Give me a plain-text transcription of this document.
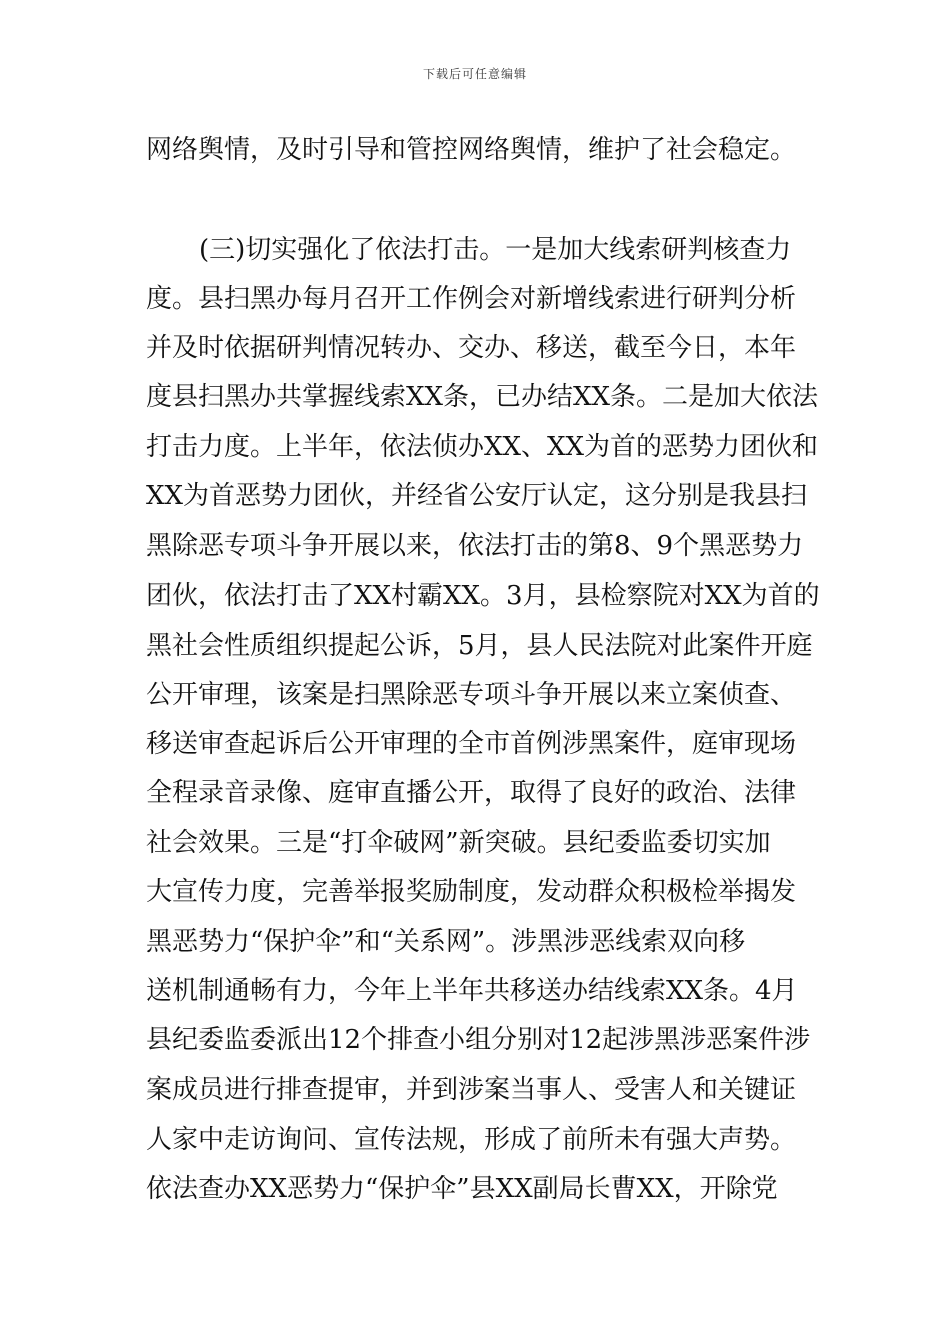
下载后可任意编辑
网络舆情，及时引导和管控网络舆情，维护了社会稳定。
(三)切实强化了依法打击。一是加大线索研判核查力
度。县扫黑办每月召开工作例会对新增线索进行研判分析
并及时依据研判情况转办、交办、移送，截至今日，本年
度县扫黑办共掌握线索XX条，已办结XX条。二是加大依法
打击力度。上半年，依法侦办XX、XX为首的恶势力团伙和
XX为首恶势力团伙，并经省公安厅认定，这分别是我县扫
黑除恶专项斗争开展以来，依法打击的第8、9个黑恶势力
团伙，依法打击了XX村霸XX。3月，县检察院对XX为首的
黑社会性质组织提起公诉，5月，县人民法院对此案件开庭
公开审理，该案是扫黑除恶专项斗争开展以来立案侦查、
移送审查起诉后公开审理的全市首例涉黑案件，庭审现场
全程录音录像、庭审直播公开，取得了良好的政治、法律
社会效果。三是“打伞破网”新突破。县纪委监委切实加
大宣传力度，完善举报奖励制度，发动群众积极检举揭发
黑恶势力“保护伞”和“关系网”。涉黑涉恶线索双向移
送机制通畅有力，今年上半年共移送办结线索XX条。4月
县纪委监委派出12个排查小组分别对12起涉黑涉恶案件涉
案成员进行排查提审，并到涉案当事人、受害人和关键证
人家中走访询问、宣传法规，形成了前所未有强大声势。
依法查办XX恶势力“保护伞”县XX副局长曹XX，开除党
